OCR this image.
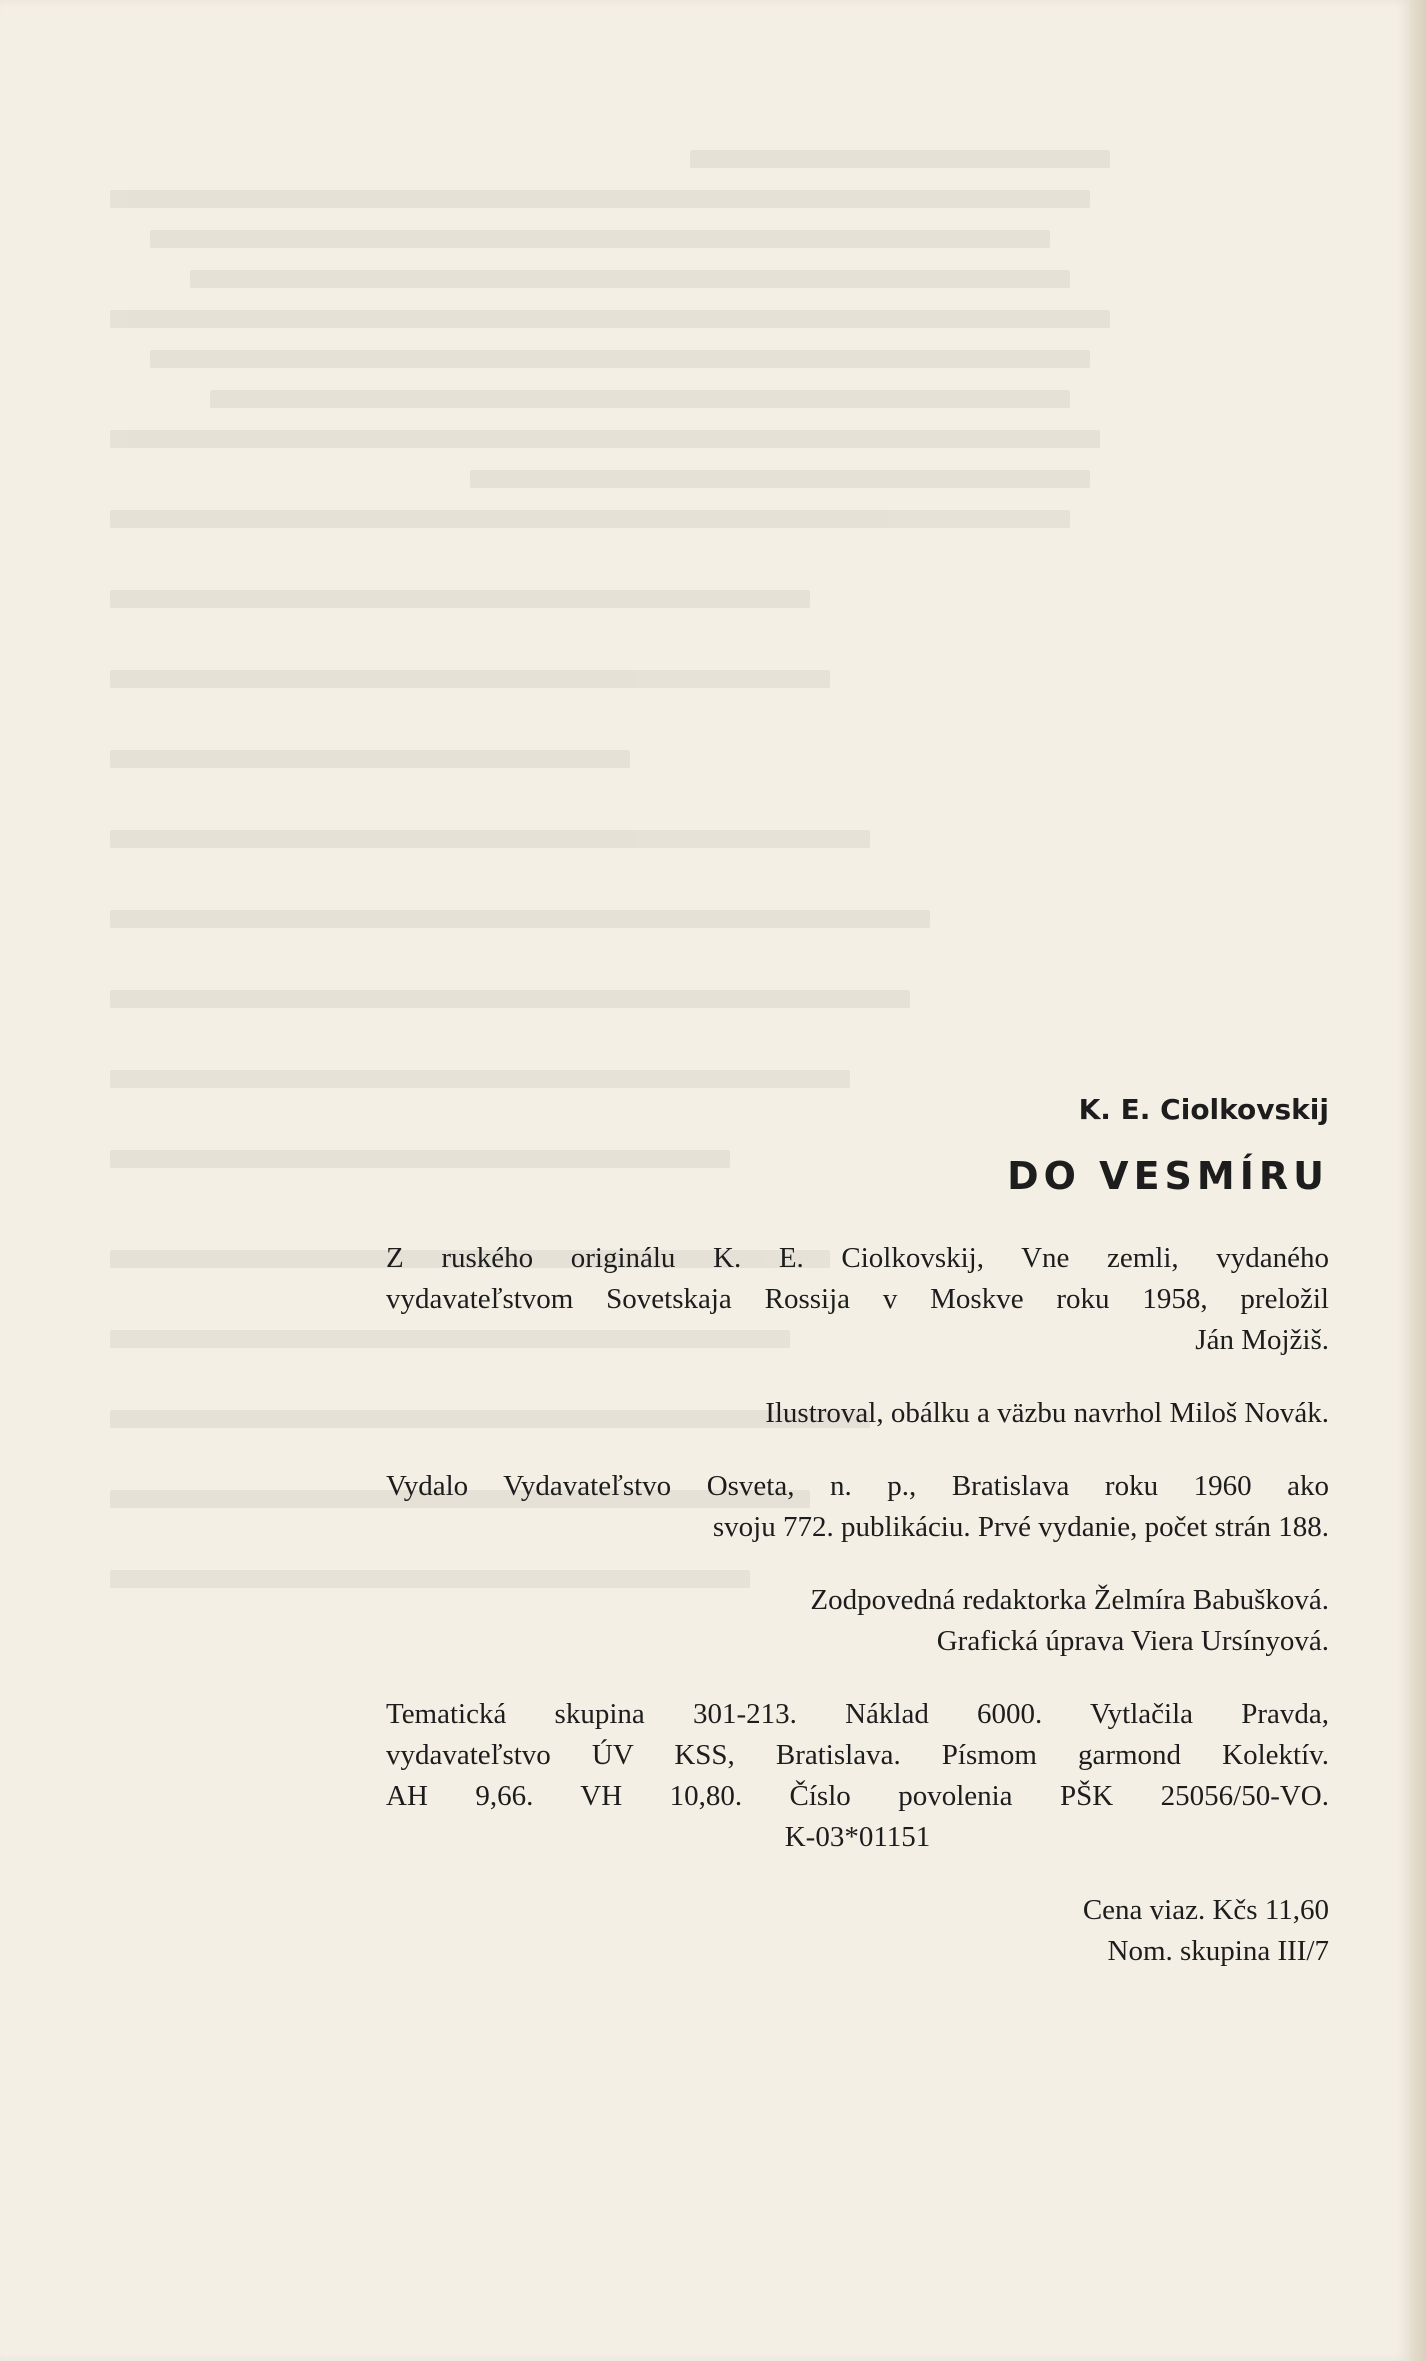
K. E. Ciolkovskij
DO VESMÍRU
Z ruského originálu K. E. Ciolkovskij, Vne zemli, vydaného
vydavateľstvom Sovetskaja Rossija v Moskve roku 1958, preložil
Ján Mojžiš.
Ilustroval, obálku a väzbu navrhol Miloš Novák.
Vydalo Vydavateľstvo Osveta, n. p., Bratislava roku 1960 ako
svoju 772. publikáciu. Prvé vydanie, počet strán 188.
Zodpovedná redaktorka Želmíra Babušková.
Grafická úprava Viera Ursínyová.
Tematická skupina 301-213. Náklad 6000. Vytlačila Pravda,
vydavateľstvo ÚV KSS, Bratislava. Písmom garmond Kolektív.
AH 9,66. VH 10,80. Číslo povolenia PŠK 25056/50-VO.
K-03*01151
Cena viaz. Kčs 11,60
Nom. skupina III/7
